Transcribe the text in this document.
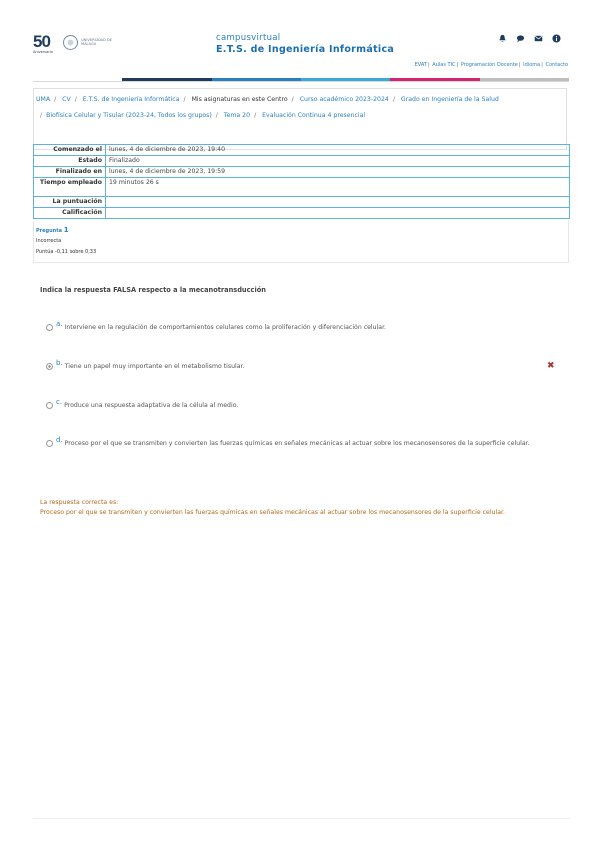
50
Aniversario
UNIVERSIDAD DE MÁLAGA
campusvirtual
E.T.S. de Ingeniería Informática
EVAT| Aulas TIC| Programación Docente| Idioma| Contacto
UMA / CV / E.T.S. de Ingeniería Informática / Mis asignaturas en este Centro / Curso académico 2023-2024 / Grado en Ingeniería de la Salud
/ Biofísica Celular y Tisular (2023-24, Todos los grupos) / Tema 20 / Evaluación Continua 4 presencial
Comenzado el	lunes, 4 de diciembre de 2023, 19:40
Estado	Finalizado
Finalizado en	lunes, 4 de diciembre de 2023, 19:59
Tiempo empleado	19 minutos 26 s
La puntuación	
Calificación	
Pregunta 1
Incorrecta
Puntúa -0,11 sobre 0,33
Indica la respuesta FALSA respecto a la mecanotransducción
a. Interviene en la regulación de comportamientos celulares como la proliferación y diferenciación celular.
b. Tiene un papel muy importante en el metabolismo tisular.	✖
c. Produce una respuesta adaptativa de la célula al medio.
d. Proceso por el que se transmiten y convierten las fuerzas químicas en señales mecánicas al actuar sobre los mecanosensores de la superficie celular.
La respuesta correcta es:
Proceso por el que se transmiten y convierten las fuerzas químicas en señales mecánicas al actuar sobre los mecanosensores de la superficie celular.
